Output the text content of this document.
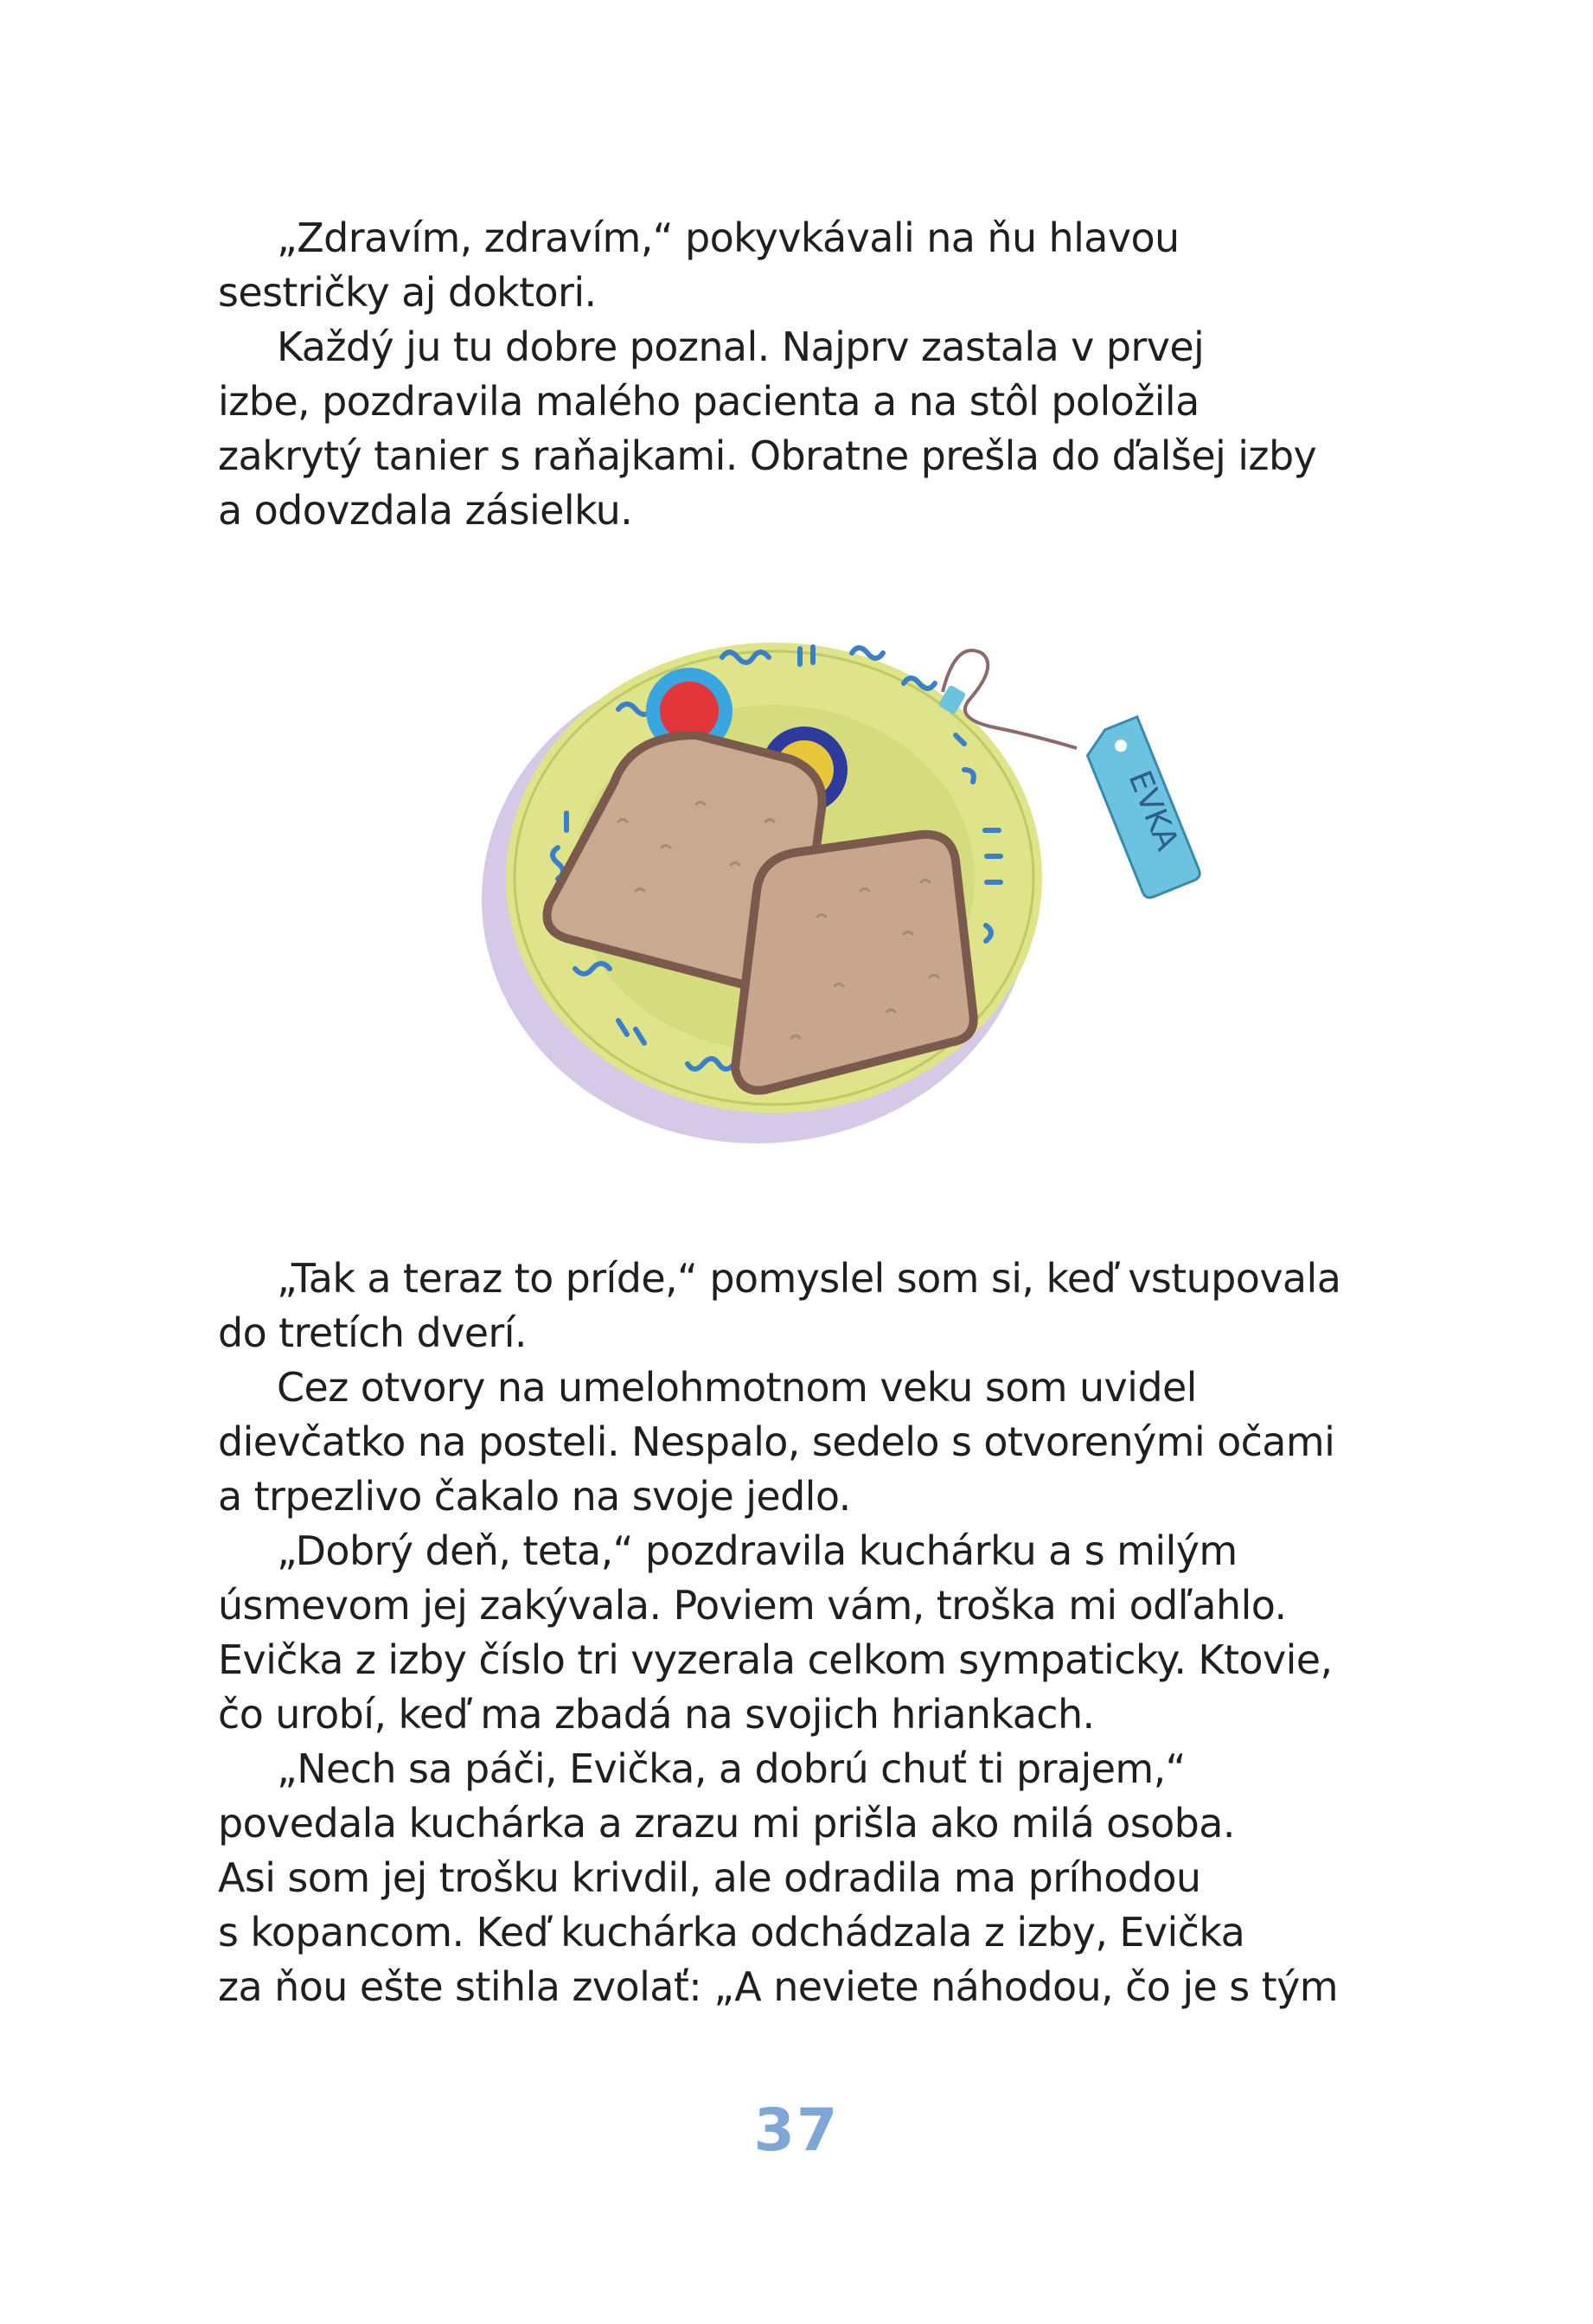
„Zdravím, zdravím,“ pokyvkávali na ňu hlavou
sestričky aj doktori.

Každý ju tu dobre poznal. Najprv zastala v prvej
izbe, pozdravila malého pacienta a na stôl položila
zakrytý tanier s raňajkami. Obratne prešla do ďalšej izby
a odovzdala zásielku.

EVKA

„Tak a teraz to príde,“ pomyslel som si, keď vstupovala
do tretích dverí.

Cez otvory na umelohmotnom veku som uvidel
dievčatko na posteli. Nespalo, sedelo s otvorenými očami
a trpezlivo čakalo na svoje jedlo.

„Dobrý deň, teta,“ pozdravila kuchárku a s milým
úsmevom jej zakývala. Poviem vám, troška mi odľahlo.
Evička z izby číslo tri vyzerala celkom sympaticky. Ktovie,
čo urobí, keď ma zbadá na svojich hriankach.

„Nech sa páči, Evička, a dobrú chuť ti prajem,“
povedala kuchárka a zrazu mi prišla ako milá osoba.
Asi som jej trošku krivdil, ale odradila ma príhodou
s kopancom. Keď kuchárka odchádzala z izby, Evička
za ňou ešte stihla zvolať: „A neviete náhodou, čo je s tým

37
